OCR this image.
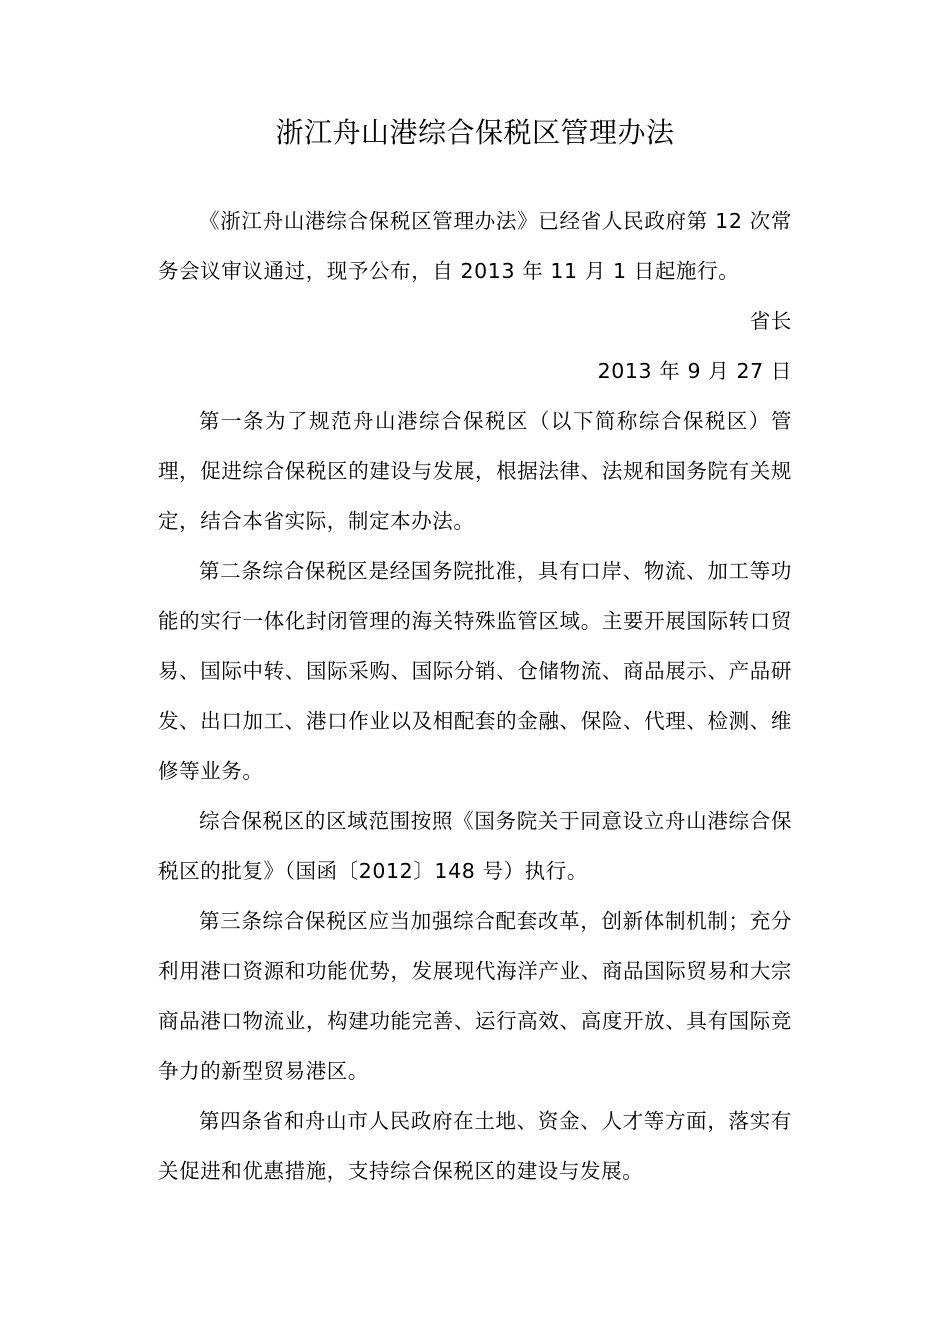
浙江舟山港综合保税区管理办法

《浙江舟山港综合保税区管理办法》已经省人民政府第 12 次常务会议审议通过，现予公布，自 2013 年 11 月 1 日起施行。

省长

2013 年 9 月 27 日

第一条为了规范舟山港综合保税区（以下简称综合保税区）管理，促进综合保税区的建设与发展，根据法律、法规和国务院有关规定，结合本省实际，制定本办法。

第二条综合保税区是经国务院批准，具有口岸、物流、加工等功能的实行一体化封闭管理的海关特殊监管区域。主要开展国际转口贸易、国际中转、国际采购、国际分销、仓储物流、商品展示、产品研发、出口加工、港口作业以及相配套的金融、保险、代理、检测、维修等业务。

综合保税区的区域范围按照《国务院关于同意设立舟山港综合保税区的批复》（国函〔2012〕148 号）执行。

第三条综合保税区应当加强综合配套改革，创新体制机制；充分利用港口资源和功能优势，发展现代海洋产业、商品国际贸易和大宗商品港口物流业，构建功能完善、运行高效、高度开放、具有国际竞争力的新型贸易港区。

第四条省和舟山市人民政府在土地、资金、人才等方面，落实有关促进和优惠措施，支持综合保税区的建设与发展。
